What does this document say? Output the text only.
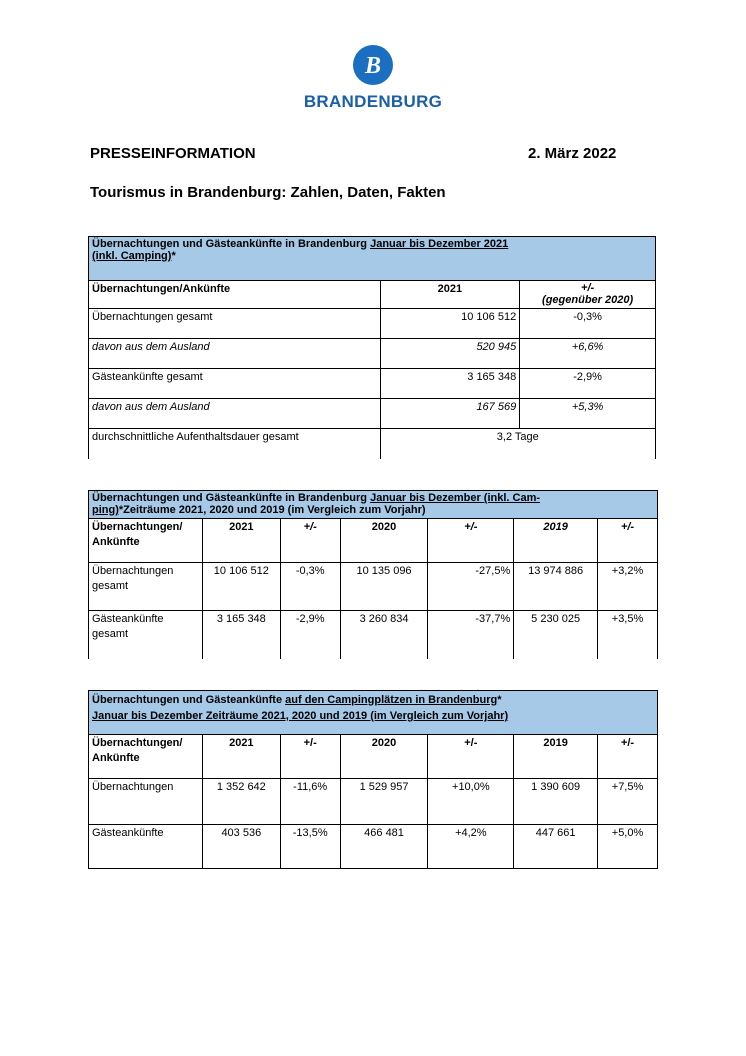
B
BRANDENBURG
PRESSEINFORMATION	2. März 2022
Tourismus in Brandenburg: Zahlen, Daten, Fakten
Übernachtungen und Gästeankünfte in Brandenburg Januar bis Dezember 2021
(inkl. Camping)*		
Übernachtungen/Ankünfte	2021	+/-
(gegenüber 2020)
Übernachtungen gesamt	10 106 512	-0,3%
davon aus dem Ausland	520 945	+6,6%
Gästeankünfte gesamt	3 165 348	-2,9%
davon aus dem Ausland	167 569	+5,3%
durchschnittliche Aufenthaltsdauer gesamt	3,2 Tage	
Übernachtungen und Gästeankünfte in Brandenburg Januar bis Dezember (inkl. Cam-
ping)*Zeiträume 2021, 2020 und 2019 (im Vergleich zum Vorjahr)						
Übernachtungen/ Ankünfte	2021	+/-	2020	+/-	2019	+/-
Übernachtungen gesamt	10 106 512	-0,3%	10 135 096	-27,5%	13 974 886	+3,2%
Gästeankünfte gesamt	3 165 348	-2,9%	3 260 834	-37,7%	5 230 025	+3,5%
Übernachtungen und Gästeankünfte auf den Campingplätzen in Brandenburg*
Januar bis Dezember Zeiträume 2021, 2020 und 2019 (im Vergleich zum Vorjahr)						
Übernachtungen/ Ankünfte	2021	+/-	2020	+/-	2019	+/-
Übernachtungen	1 352 642	-11,6%	1 529 957	+10,0%	1 390 609	+7,5%
Gästeankünfte	403 536	-13,5%	466 481	+4,2%	447 661	+5,0%
